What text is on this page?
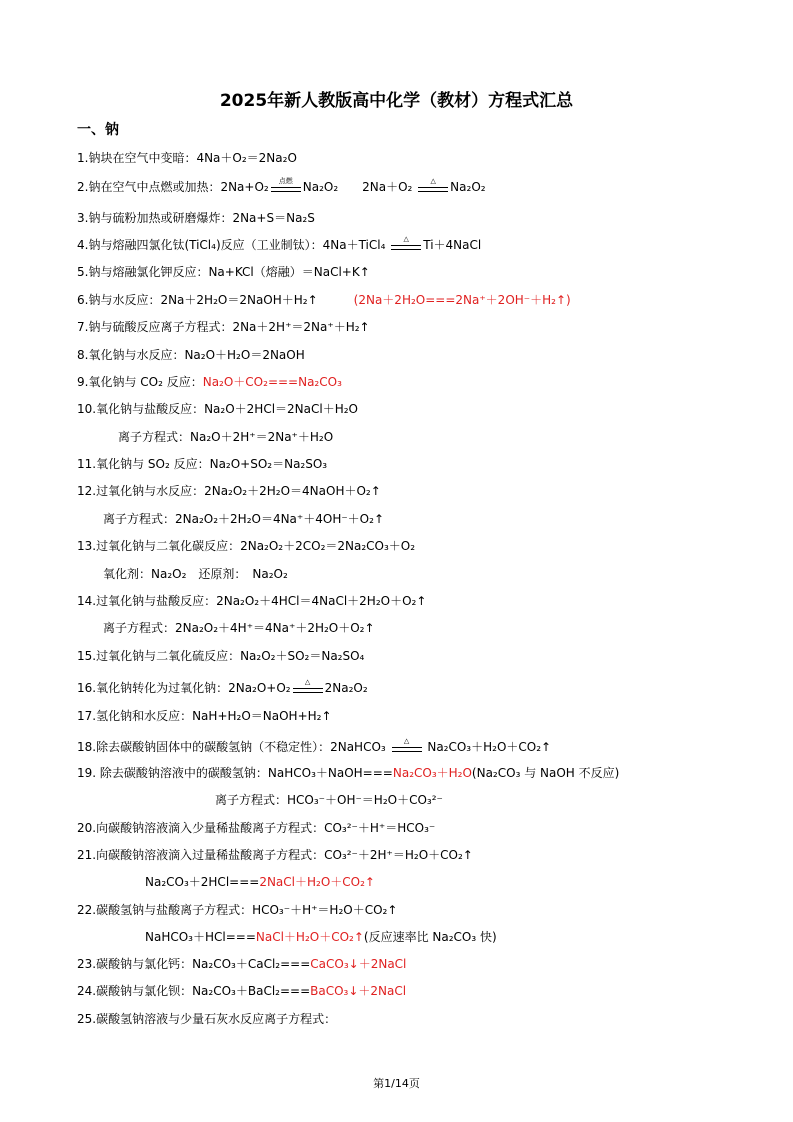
2025年新人教版高中化学（教材）方程式汇总
一、钠
1.钠块在空气中变暗：4Na＋O₂＝2Na₂O
2.钠在空气中点燃或加热：2Na+O₂	点燃 Na₂O₂　　2Na＋O₂	△	Na₂O₂
3.钠与硫粉加热或研磨爆炸：2Na+S＝Na₂S
4.钠与熔融四氯化钛(TiCl₄)反应（工业制钛）：4Na＋TiCl₄	△	Ti＋4NaCl
5.钠与熔融氯化钾反应：Na+KCl（熔融）＝NaCl+K↑
6.钠与水反应：2Na＋2H₂O＝2NaOH＋H₂↑　　　(2Na＋2H₂O===2Na⁺＋2OH⁻＋H₂↑)
7.钠与硫酸反应离子方程式：2Na＋2H⁺＝2Na⁺＋H₂↑
8.氧化钠与水反应：Na₂O＋H₂O＝2NaOH
9.氧化钠与 CO₂ 反应：Na₂O＋CO₂===Na₂CO₃
10.氧化钠与盐酸反应：Na₂O＋2HCl＝2NaCl＋H₂O
离子方程式：Na₂O＋2H⁺＝2Na⁺＋H₂O
11.氧化钠与 SO₂ 反应：Na₂O+SO₂＝Na₂SO₃
12.过氧化钠与水反应：2Na₂O₂＋2H₂O＝4NaOH＋O₂↑
离子方程式：2Na₂O₂＋2H₂O＝4Na⁺＋4OH⁻＋O₂↑
13.过氧化钠与二氧化碳反应：2Na₂O₂＋2CO₂＝2Na₂CO₃＋O₂
氧化剂：Na₂O₂　还原剂：　Na₂O₂
14.过氧化钠与盐酸反应：2Na₂O₂＋4HCl＝4NaCl＋2H₂O＋O₂↑
离子方程式：2Na₂O₂＋4H⁺＝4Na⁺＋2H₂O＋O₂↑
15.过氧化钠与二氧化硫反应：Na₂O₂＋SO₂＝Na₂SO₄
16.氧化钠转化为过氧化钠：2Na₂O+O₂	△	2Na₂O₂
17.氢化钠和水反应：NaH+H₂O＝NaOH+H₂↑
18.除去碳酸钠固体中的碳酸氢钠（不稳定性）：2NaHCO₃	△	Na₂CO₃＋H₂O＋CO₂↑
19. 除去碳酸钠溶液中的碳酸氢钠：NaHCO₃＋NaOH===Na₂CO₃＋H₂O(Na₂CO₃ 与 NaOH 不反应)
离子方程式：HCO₃⁻＋OH⁻＝H₂O＋CO₃²⁻
20.向碳酸钠溶液滴入少量稀盐酸离子方程式：CO₃²⁻＋H⁺＝HCO₃⁻
21.向碳酸钠溶液滴入过量稀盐酸离子方程式：CO₃²⁻＋2H⁺＝H₂O＋CO₂↑
Na₂CO₃＋2HCl===2NaCl＋H₂O＋CO₂↑
22.碳酸氢钠与盐酸离子方程式：HCO₃⁻＋H⁺＝H₂O＋CO₂↑
NaHCO₃＋HCl===NaCl＋H₂O＋CO₂↑(反应速率比 Na₂CO₃ 快)
23.碳酸钠与氯化钙：Na₂CO₃＋CaCl₂===CaCO₃↓＋2NaCl
24.碳酸钠与氯化钡：Na₂CO₃＋BaCl₂===BaCO₃↓＋2NaCl
25.碳酸氢钠溶液与少量石灰水反应离子方程式：
第1/14页
